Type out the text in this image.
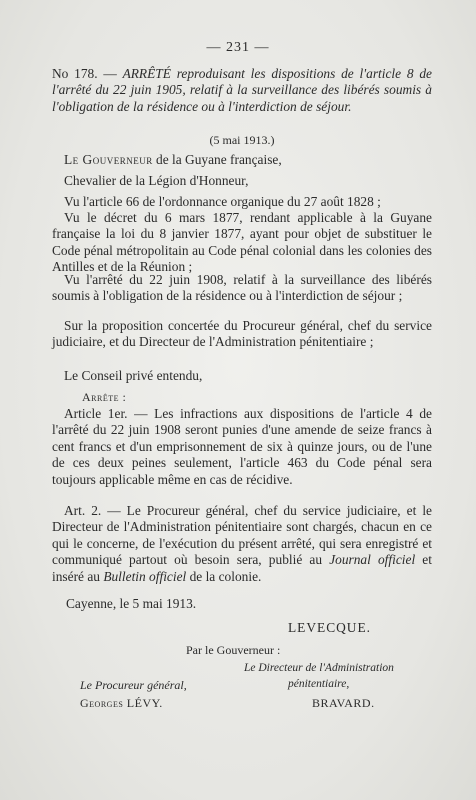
— 231 —

No 178. — ARRÊTÉ reproduisant les dispositions de l'article 8 de l'arrêté du 22 juin 1905, relatif à la surveillance des libérés soumis à l'obligation de la résidence ou à l'interdiction de séjour.

(5 mai 1913.)

Le Gouverneur de la Guyane française,

Chevalier de la Légion d'Honneur,
Vu l'article 66 de l'ordonnance organique du 27 août 1828 ;
Vu le décret du 6 mars 1877, rendant applicable à la Guyane française la loi du 8 janvier 1877, ayant pour objet de substituer le Code pénal métropolitain au Code pénal colonial dans les colonies des Antilles et de la Réunion ;
Vu l'arrêté du 22 juin 1908, relatif à la surveillance des libérés soumis à l'obligation de la résidence ou à l'interdiction de séjour ;
Sur la proposition concertée du Procureur général, chef du service judiciaire, et du Directeur de l'Administration pénitentiaire ;
Le Conseil privé entendu,
Arrête :
Article 1er. — Les infractions aux dispositions de l'article 4 de l'arrêté du 22 juin 1908 seront punies d'une amende de seize francs à cent francs et d'un emprisonnement de six à quinze jours, ou de l'une de ces deux peines seulement, l'article 463 du Code pénal sera toujours applicable même en cas de récidive.
Art. 2. — Le Procureur général, chef du service judiciaire, et le Directeur de l'Administration pénitentiaire sont chargés, chacun en ce qui le concerne, de l'exécution du présent arrêté, qui sera enregistré et communiqué partout où besoin sera, publié au Journal officiel et inséré au Bulletin officiel de la colonie.
Cayenne, le 5 mai 1913.
LEVECQUE.
Par le Gouverneur :
Le Directeur de l'Administration
Le Procureur général,	pénitentiaire,
Georges LÉVY.	BRAVARD.
